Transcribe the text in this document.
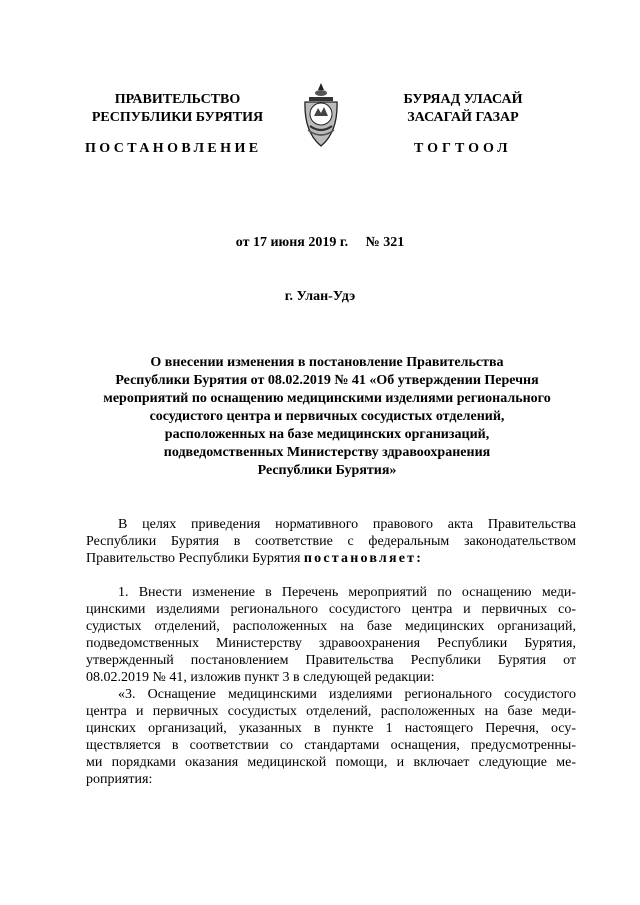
ПРАВИТЕЛЬСТВО
РЕСПУБЛИКИ БУРЯТИЯ
БУРЯАД УЛАСАЙ
ЗАСАГАЙ ГАЗАР
ПОСТАНОВЛЕНИЕ	ТОГТООЛ
от 17 июня 2019 г.     № 321
г. Улан-Удэ
О внесении изменения в постановление Правительства
Республики Бурятия от 08.02.2019 № 41 «Об утверждении Перечня
мероприятий по оснащению медицинскими изделиями регионального
сосудистого центра и первичных сосудистых отделений,
расположенных на базе медицинских организаций,
подведомственных Министерству здравоохранения
Республики Бурятия»
В целях приведения нормативного правового акта Правительства
Республики Бурятия в соответствие с федеральным законодательством
Правительство Республики Бурятия постановляет:
1. Внести изменение в Перечень мероприятий по оснащению меди-
цинскими изделиями регионального сосудистого центра и первичных со-
судистых отделений, расположенных на базе медицинских организаций,
подведомственных Министерству здравоохранения Республики Бурятия,
утвержденный постановлением Правительства Республики Бурятия от
08.02.2019 № 41, изложив пункт 3 в следующей редакции:
«3. Оснащение медицинскими изделиями регионального сосудистого
центра и первичных сосудистых отделений, расположенных на базе меди-
цинских организаций, указанных в пункте 1 настоящего Перечня, осу-
ществляется в соответствии со стандартами оснащения, предусмотренны-
ми порядками оказания медицинской помощи, и включает следующие ме-
роприятия:
